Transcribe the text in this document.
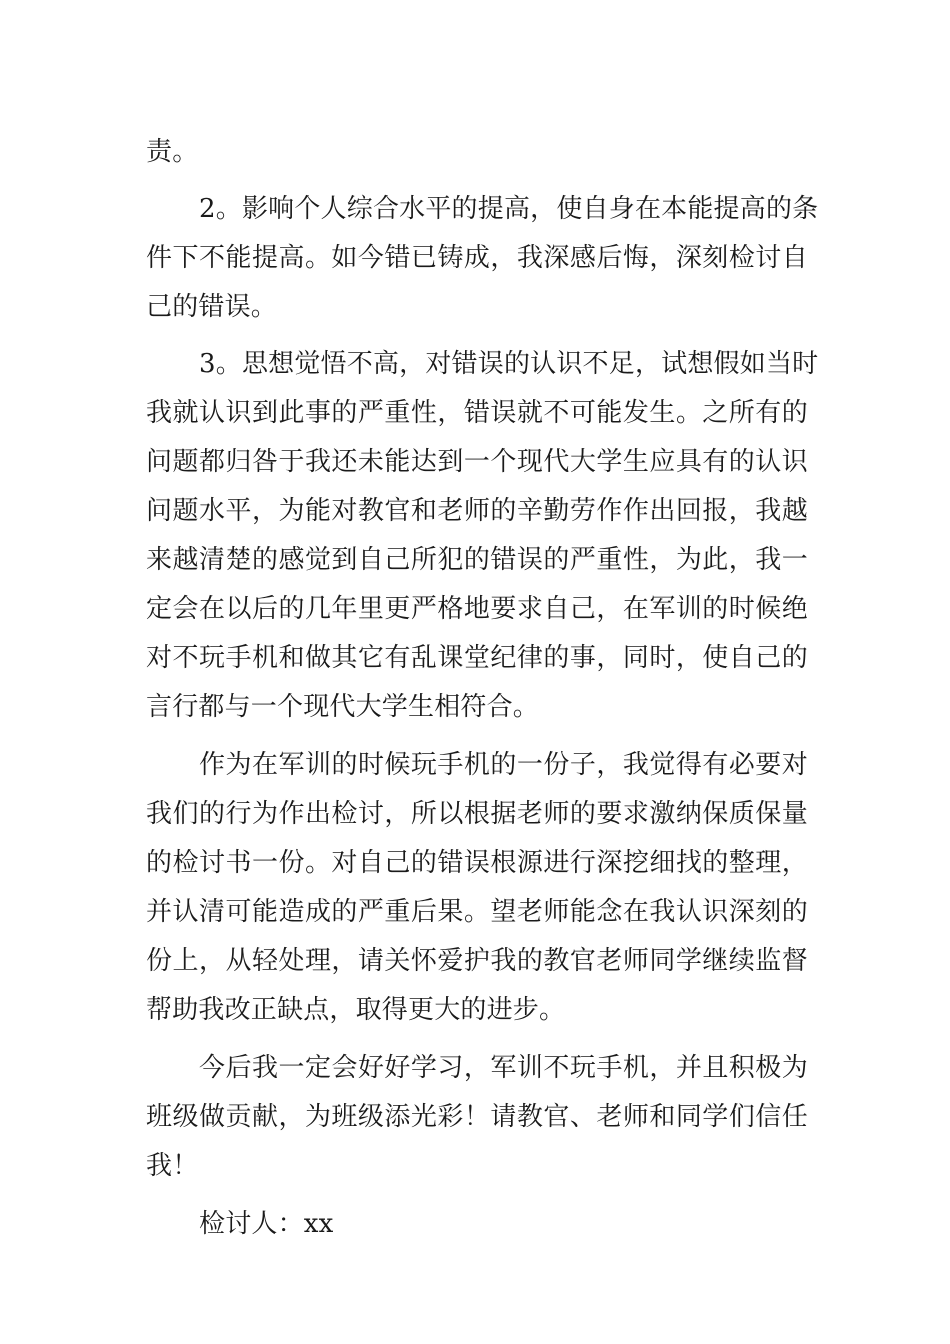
责。
2。影响个人综合水平的提高，使自身在本能提高的条
件下不能提高。如今错已铸成，我深感后悔，深刻检讨自
己的错误。
3。思想觉悟不高，对错误的认识不足，试想假如当时
我就认识到此事的严重性，错误就不可能发生。之所有的
问题都归咎于我还未能达到一个现代大学生应具有的认识
问题水平，为能对教官和老师的辛勤劳作作出回报，我越
来越清楚的感觉到自己所犯的错误的严重性，为此，我一
定会在以后的几年里更严格地要求自己，在军训的时候绝
对不玩手机和做其它有乱课堂纪律的事，同时，使自己的
言行都与一个现代大学生相符合。
作为在军训的时候玩手机的一份子，我觉得有必要对
我们的行为作出检讨，所以根据老师的要求激纳保质保量
的检讨书一份。对自己的错误根源进行深挖细找的整理，
并认清可能造成的严重后果。望老师能念在我认识深刻的
份上，从轻处理，请关怀爱护我的教官老师同学继续监督
帮助我改正缺点，取得更大的进步。
今后我一定会好好学习，军训不玩手机，并且积极为
班级做贡献，为班级添光彩！请教官、老师和同学们信任
我！
检讨人：xx
